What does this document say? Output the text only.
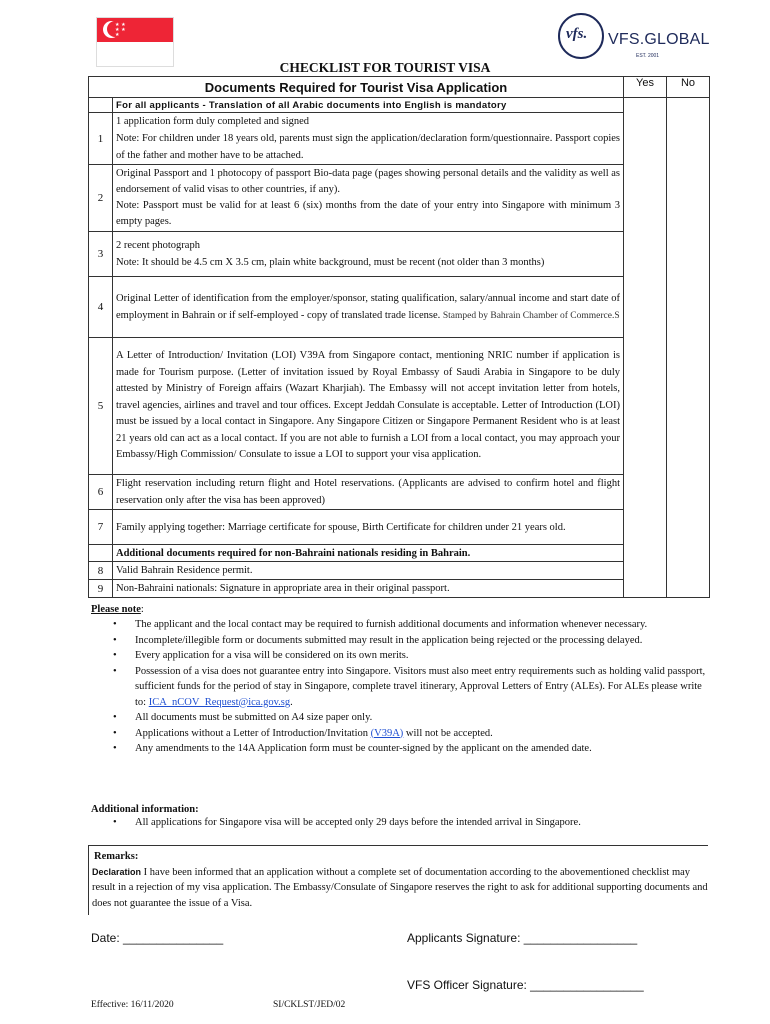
★ ★
★ ★ ★	vfs. VFS.GLOBAL
EST. 2001
CHECKLIST FOR TOURIST VISA
Documents Required for Tourist Visa Application		Yes	No
	For all applicants - Translation of all Arabic documents into English is mandatory		
1	1 application form duly completed and signed
Note: For children under 18 years old, parents must sign the application/declaration form/questionnaire. Passport copies of the father and mother have to be attached.		
2	Original Passport and 1 photocopy of passport Bio-data page (pages showing personal details and the validity as well as endorsement of valid visas to other countries, if any).
Note: Passport must be valid for at least 6 (six) months from the date of your entry into Singapore with minimum 3 empty pages.		
3	2 recent photograph
Note: It should be 4.5 cm X 3.5 cm, plain white background, must be recent (not older than 3 months)		
4	Original Letter of identification from the employer/sponsor, stating qualification, salary/annual income and start date of employment in Bahrain or if self-employed - copy of translated trade license. Stamped by Bahrain Chamber of Commerce.S		
5	A Letter of Introduction/ Invitation (LOI) V39A from Singapore contact, mentioning NRIC number if application is made for Tourism purpose. (Letter of invitation issued by Royal Embassy of Saudi Arabia in Singapore to be duly attested by Ministry of Foreign affairs (Wazart Kharjiah). The Embassy will not accept invitation letter from hotels, travel agencies, airlines and travel and tour offices. Except Jeddah Consulate is acceptable. Letter of Introduction (LOI) must be issued by a local contact in Singapore. Any Singapore Citizen or Singapore Permanent Resident who is at least 21 years old can act as a local contact. If you are not able to furnish a LOI from a local contact, you may approach your Embassy/High Commission/ Consulate to issue a LOI to support your visa application.		
6	Flight reservation including return flight and Hotel reservations. (Applicants are advised to confirm hotel and flight reservation only after the visa has been approved)		
7	Family applying together: Marriage certificate for spouse, Birth Certificate for children under 21 years old.		
	Additional documents required for non-Bahraini nationals residing in Bahrain.		
8	Valid Bahrain Residence permit.		
9	Non-Bahraini nationals: Signature in appropriate area in their original passport.		
Please note:
• The applicant and the local contact may be required to furnish additional documents and information whenever necessary.
• Incomplete/illegible form or documents submitted may result in the application being rejected or the processing delayed.
• Every application for a visa will be considered on its own merits.
• Possession of a visa does not guarantee entry into Singapore. Visitors must also meet entry requirements such as holding valid passport, sufficient funds for the period of stay in Singapore, complete travel itinerary, Approval Letters of Entry (ALEs). For ALEs please write to: ICA_nCOV_Request@ica.gov.sg.
• All documents must be submitted on A4 size paper only.
• Applications without a Letter of Introduction/Invitation (V39A) will not be accepted.
• Any amendments to the 14A Application form must be counter-signed by the applicant on the amended date.
Additional information:
• All applications for Singapore visa will be accepted only 29 days before the intended arrival in Singapore.
Remarks:
Declaration I have been informed that an application without a complete set of documentation according to the abovementioned checklist may result in a rejection of my visa application. The Embassy/Consulate of Singapore reserves the right to ask for additional supporting documents and does not guarantee the issue of a Visa.
Date: _______________	Applicants Signature: _________________
VFS Officer Signature: _________________
Effective: 16/11/2020	SI/CKLST/JED/02
